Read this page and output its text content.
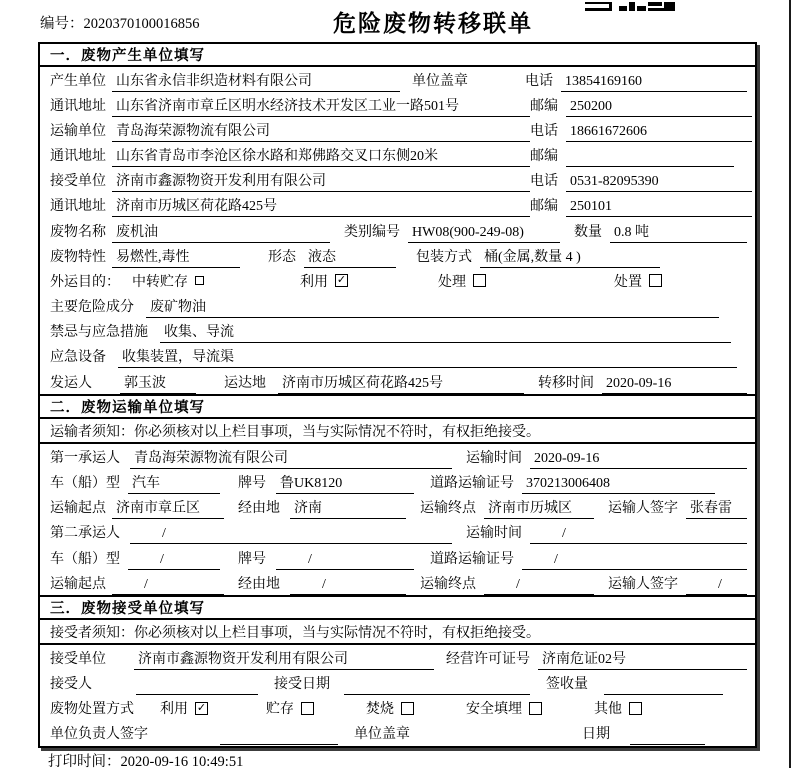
编号：2020370100016856	危险废物转移联单
一．废物产生单位填写
产生单位 山东省永信非织造材料有限公司	单位盖章	电话 13854169160
通讯地址 山东省济南市章丘区明水经济技术开发区工业一路501号	邮编 250200
运输单位 青岛海荣源物流有限公司	电话 18661672606
通讯地址 山东省青岛市李沧区徐水路和郑佛路交叉口东侧20米	邮编
接受单位 济南市鑫源物资开发利用有限公司	电话 0531-82095390
通讯地址 济南市历城区荷花路425号	邮编 250101
废物名称 废机油	类别编号 HW08(900-249-08)	数量 0.8 吨
废物特性 易燃性,毒性	形态 液态	包装方式 桶(金属,数量 4 )
外运目的： 中转贮存	利用 ✓	处理	处置
主要危险成分 废矿物油
禁忌与应急措施 收集、导流
应急设备 收集装置，导流渠
发运人	郭玉波	运达地 济南市历城区荷花路425号	转移时间 2020-09-16
二．废物运输单位填写
运输者须知：你必须核对以上栏目事项，当与实际情况不符时，有权拒绝接受。
第一承运人	青岛海荣源物流有限公司	运输时间 2020-09-16
车（船）型 汽车	牌号 鲁UK8120	道路运输证号 370213006408
运输起点 济南市章丘区	经由地 济南	运输终点 济南市历城区	运输人签字 张春雷
第二承运人	/	运输时间	/
车（船）型	/	牌号	/	道路运输证号	/
运输起点	/	经由地	/	运输终点	/	运输人签字	/
三．废物接受单位填写
接受者须知：你必须核对以上栏目事项，当与实际情况不符时，有权拒绝接受。
接受单位	济南市鑫源物资开发利用有限公司	经营许可证号 济南危证02号
接受人	接受日期	签收量
废物处置方式 利用 ✓	贮存	焚烧	安全填埋	其他
单位负责人签字	单位盖章	日期
打印时间：2020-09-16 10:49:51
